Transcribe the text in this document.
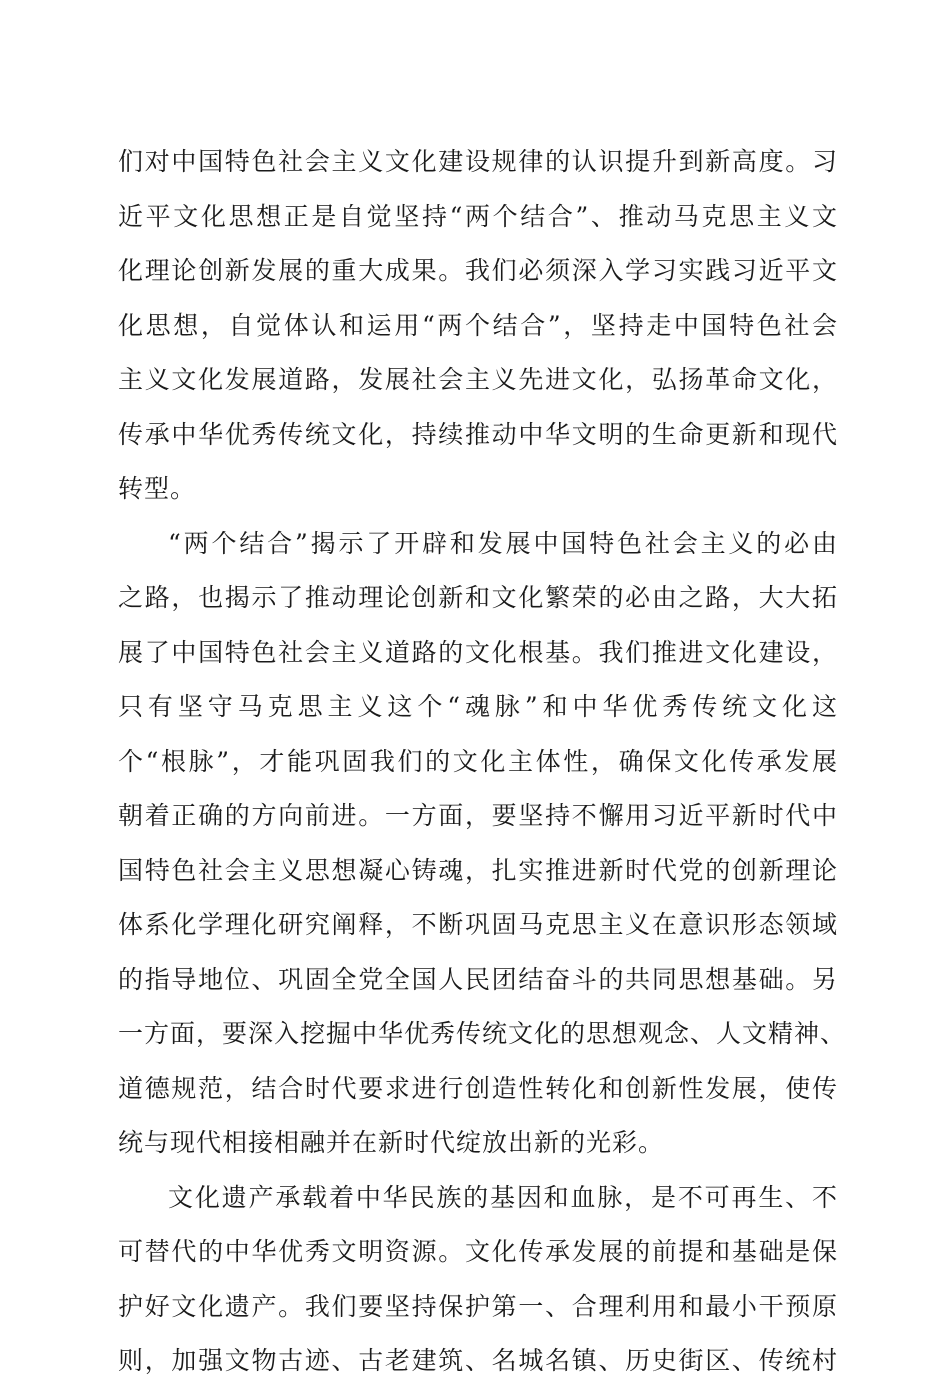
们对中国特色社会主义文化建设规律的认识提升到新高度。习
近平文化思想正是自觉坚持“两个结合”、推动马克思主义文
化理论创新发展的重大成果。我们必须深入学习实践习近平文
化思想，自觉体认和运用“两个结合”，坚持走中国特色社会
主义文化发展道路，发展社会主义先进文化，弘扬革命文化，
传承中华优秀传统文化，持续推动中华文明的生命更新和现代
转型。
“两个结合”揭示了开辟和发展中国特色社会主义的必由
之路，也揭示了推动理论创新和文化繁荣的必由之路，大大拓
展了中国特色社会主义道路的文化根基。我们推进文化建设，
只有坚守马克思主义这个“魂脉”和中华优秀传统文化这
个“根脉”，才能巩固我们的文化主体性，确保文化传承发展
朝着正确的方向前进。一方面，要坚持不懈用习近平新时代中
国特色社会主义思想凝心铸魂，扎实推进新时代党的创新理论
体系化学理化研究阐释，不断巩固马克思主义在意识形态领域
的指导地位、巩固全党全国人民团结奋斗的共同思想基础。另
一方面，要深入挖掘中华优秀传统文化的思想观念、人文精神、
道德规范，结合时代要求进行创造性转化和创新性发展，使传
统与现代相接相融并在新时代绽放出新的光彩。
文化遗产承载着中华民族的基因和血脉，是不可再生、不
可替代的中华优秀文明资源。文化传承发展的前提和基础是保
护好文化遗产。我们要坚持保护第一、合理利用和最小干预原
则，加强文物古迹、古老建筑、名城名镇、历史街区、传统村
